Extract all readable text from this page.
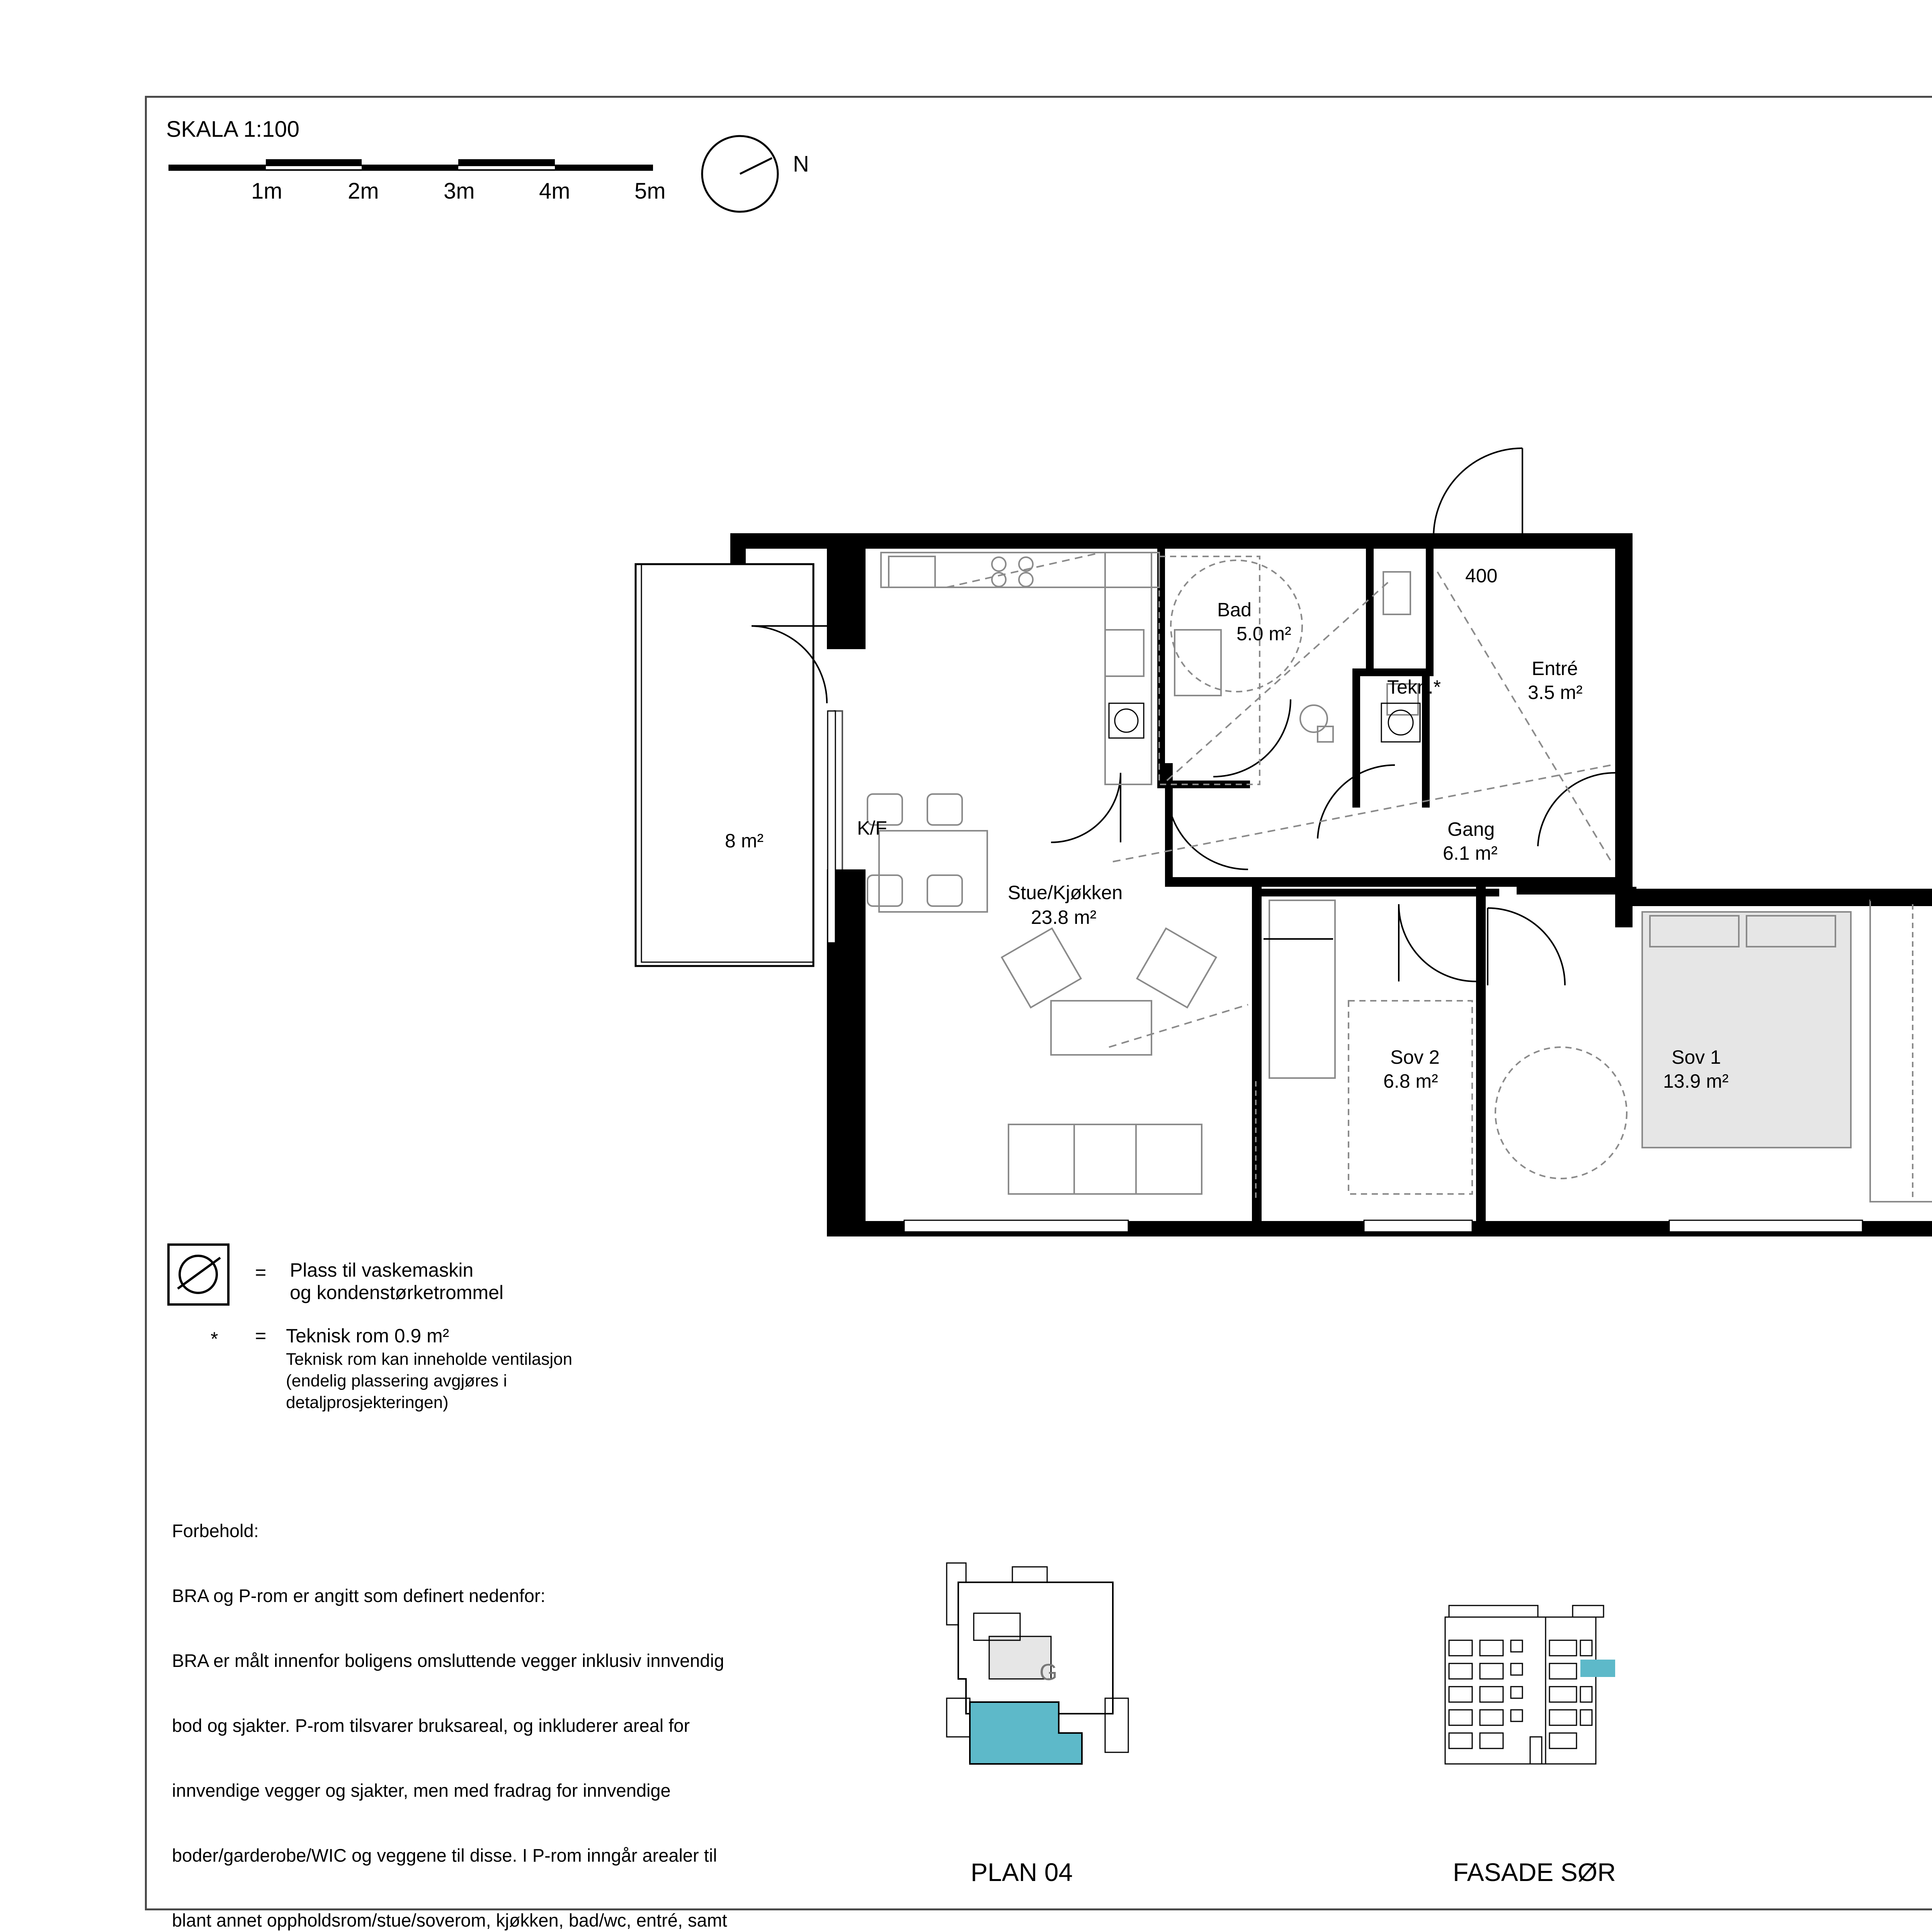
SKALA 1:100
1m	2m	3m	4m	5m
N
K/F
Bad
5.0 m²
Tekn.*
400
Entré
3.5 m²
Gang
6.1 m²
Stue/Kjøkken
23.8 m²
Sov 2
6.8 m²
Sov 1
13.9 m²
8 m²
= Plass til vaskemaskin
og kondenstørketrommel
* = Teknisk rom 0.9 m²
Teknisk rom kan inneholde ventilasjon
(endelig plassering avgjøres i
detaljprosjekteringen)

Forbehold:

BRA og P-rom er angitt som definert nedenfor:

BRA er målt innenfor boligens omsluttende vegger inklusiv innvendig

bod og sjakter. P-rom tilsvarer bruksareal, og inkluderer areal for

innvendige vegger og sjakter, men med fradrag for innvendige

boder/garderobe/WIC og veggene til disse. I P-rom inngår arealer til

blant annet oppholdsrom/stue/soverom, kjøkken, bad/wc, entré, samt

G
PLAN 04	FASADE SØR
